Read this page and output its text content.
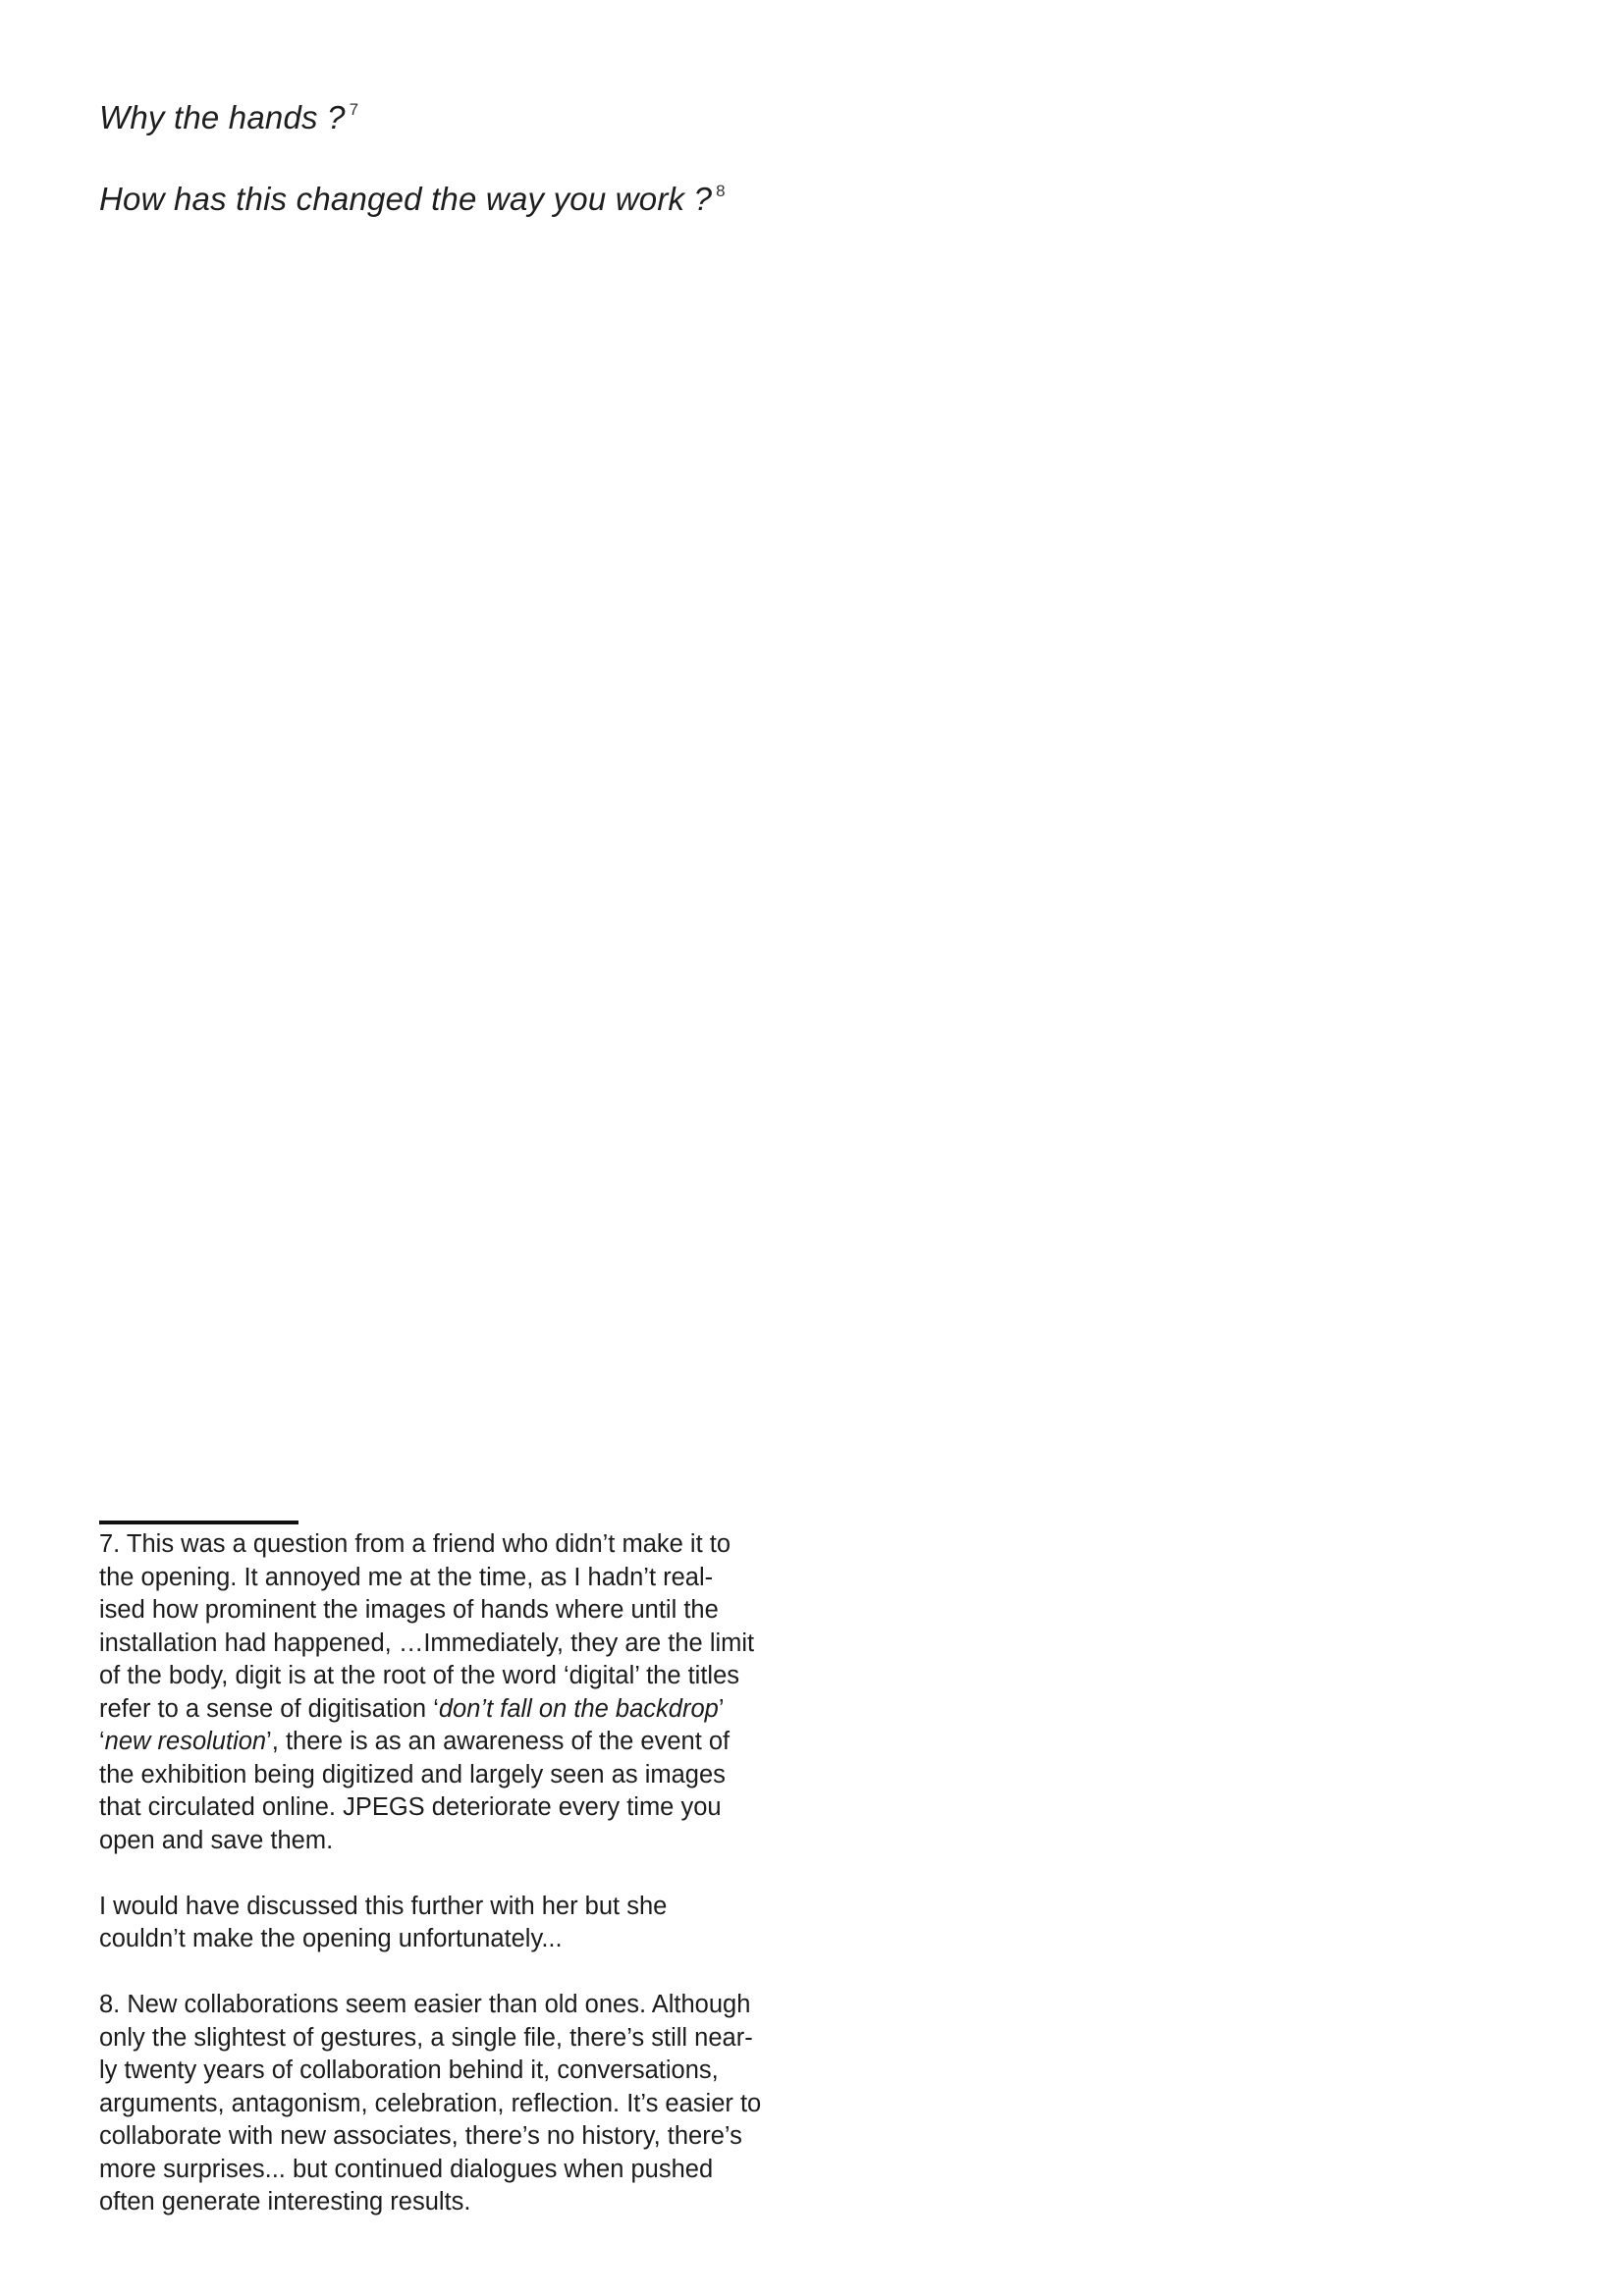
Why the hands ? $^7$
How has this changed the way you work ? $^8$

7. This was a question from a friend who didn’t make it to
the opening. It annoyed me at the time, as I hadn’t real-
ised how prominent the images of hands where until the
installation had happened, …Immediately, they are the limit
of the body, digit is at the root of the word ‘digital’ the titles
refer to a sense of digitisation ‘don’t fall on the backdrop’
‘new resolution’, there is as an awareness of the event of
the exhibition being digitized and largely seen as images
that circulated online. JPEGS deteriorate every time you
open and save them.

I would have discussed this further with her but she
couldn’t make the opening unfortunately...

8. New collaborations seem easier than old ones. Although
only the slightest of gestures, a single file, there’s still near-
ly twenty years of collaboration behind it, conversations,
arguments, antagonism, celebration, reflection. It’s easier to
collaborate with new associates, there’s no history, there’s
more surprises... but continued dialogues when pushed
often generate interesting results.
